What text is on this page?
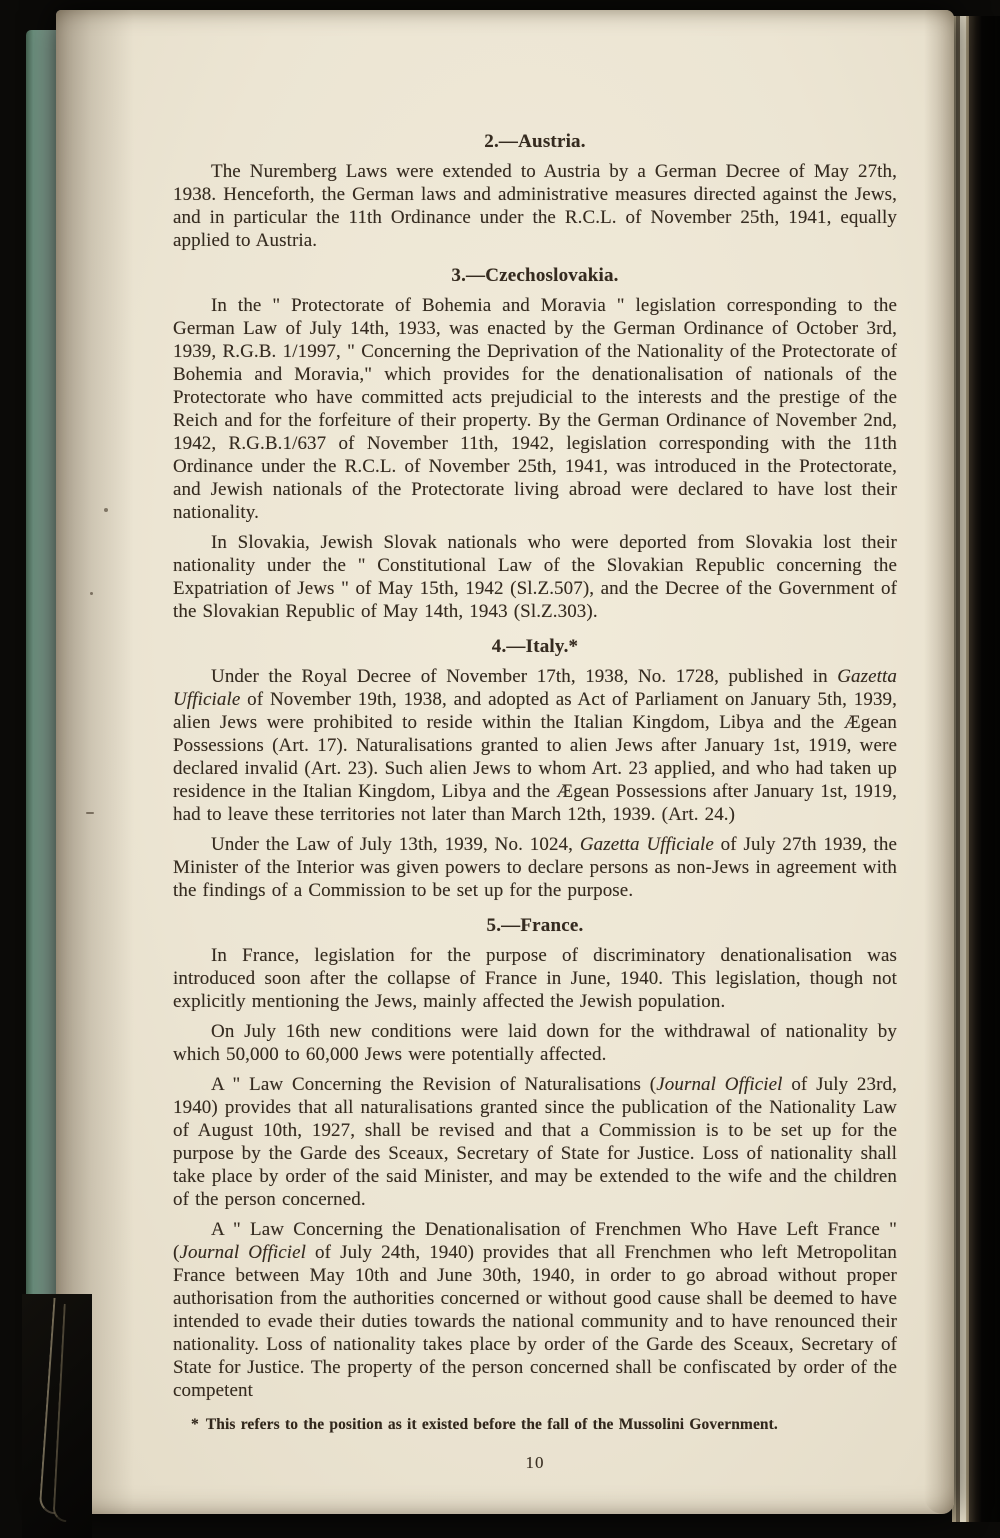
2.—Austria.

The Nuremberg Laws were extended to Austria by a German Decree of May 27th, 1938. Henceforth, the German laws and administrative measures directed against the Jews, and in particular the 11th Ordinance under the R.C.L. of November 25th, 1941, equally applied to Austria.

3.—Czechoslovakia.

In the " Protectorate of Bohemia and Moravia " legislation corresponding to the German Law of July 14th, 1933, was enacted by the German Ordinance of October 3rd, 1939, R.G.B. 1/1997, " Concerning the Deprivation of the Nationality of the Protectorate of Bohemia and Moravia," which provides for the denationalisation of nationals of the Protectorate who have committed acts prejudicial to the interests and the prestige of the Reich and for the forfeiture of their property. By the German Ordinance of November 2nd, 1942, R.G.B.1/637 of November 11th, 1942, legislation corresponding with the 11th Ordinance under the R.C.L. of November 25th, 1941, was introduced in the Protectorate, and Jewish nationals of the Protectorate living abroad were declared to have lost their nationality.

In Slovakia, Jewish Slovak nationals who were deported from Slovakia lost their nationality under the " Constitutional Law of the Slovakian Republic concerning the Expatriation of Jews " of May 15th, 1942 (Sl.Z.507), and the Decree of the Government of the Slovakian Republic of May 14th, 1943 (Sl.Z.303).

4.—Italy.*

Under the Royal Decree of November 17th, 1938, No. 1728, published in Gazetta Ufficiale of November 19th, 1938, and adopted as Act of Parliament on January 5th, 1939, alien Jews were prohibited to reside within the Italian Kingdom, Libya and the Ægean Possessions (Art. 17). Naturalisations granted to alien Jews after January 1st, 1919, were declared invalid (Art. 23). Such alien Jews to whom Art. 23 applied, and who had taken up residence in the Italian Kingdom, Libya and the Ægean Possessions after January 1st, 1919, had to leave these territories not later than March 12th, 1939. (Art. 24.)

Under the Law of July 13th, 1939, No. 1024, Gazetta Ufficiale of July 27th 1939, the Minister of the Interior was given powers to declare persons as non-Jews in agreement with the findings of a Commission to be set up for the purpose.

5.—France.

In France, legislation for the purpose of discriminatory denationalisation was introduced soon after the collapse of France in June, 1940. This legislation, though not explicitly mentioning the Jews, mainly affected the Jewish population.

On July 16th new conditions were laid down for the withdrawal of nationality by which 50,000 to 60,000 Jews were potentially affected.

A " Law Concerning the Revision of Naturalisations (Journal Officiel of July 23rd, 1940) provides that all naturalisations granted since the publication of the Nationality Law of August 10th, 1927, shall be revised and that a Commission is to be set up for the purpose by the Garde des Sceaux, Secretary of State for Justice. Loss of nationality shall take place by order of the said Minister, and may be extended to the wife and the children of the person concerned.

A " Law Concerning the Denationalisation of Frenchmen Who Have Left France " (Journal Officiel of July 24th, 1940) provides that all Frenchmen who left Metropolitan France between May 10th and June 30th, 1940, in order to go abroad without proper authorisation from the authorities concerned or without good cause shall be deemed to have intended to evade their duties towards the national community and to have renounced their nationality. Loss of nationality takes place by order of the Garde des Sceaux, Secretary of State for Justice. The property of the person concerned shall be confiscated by order of the competent

* This refers to the position as it existed before the fall of the Mussolini Government.
10
